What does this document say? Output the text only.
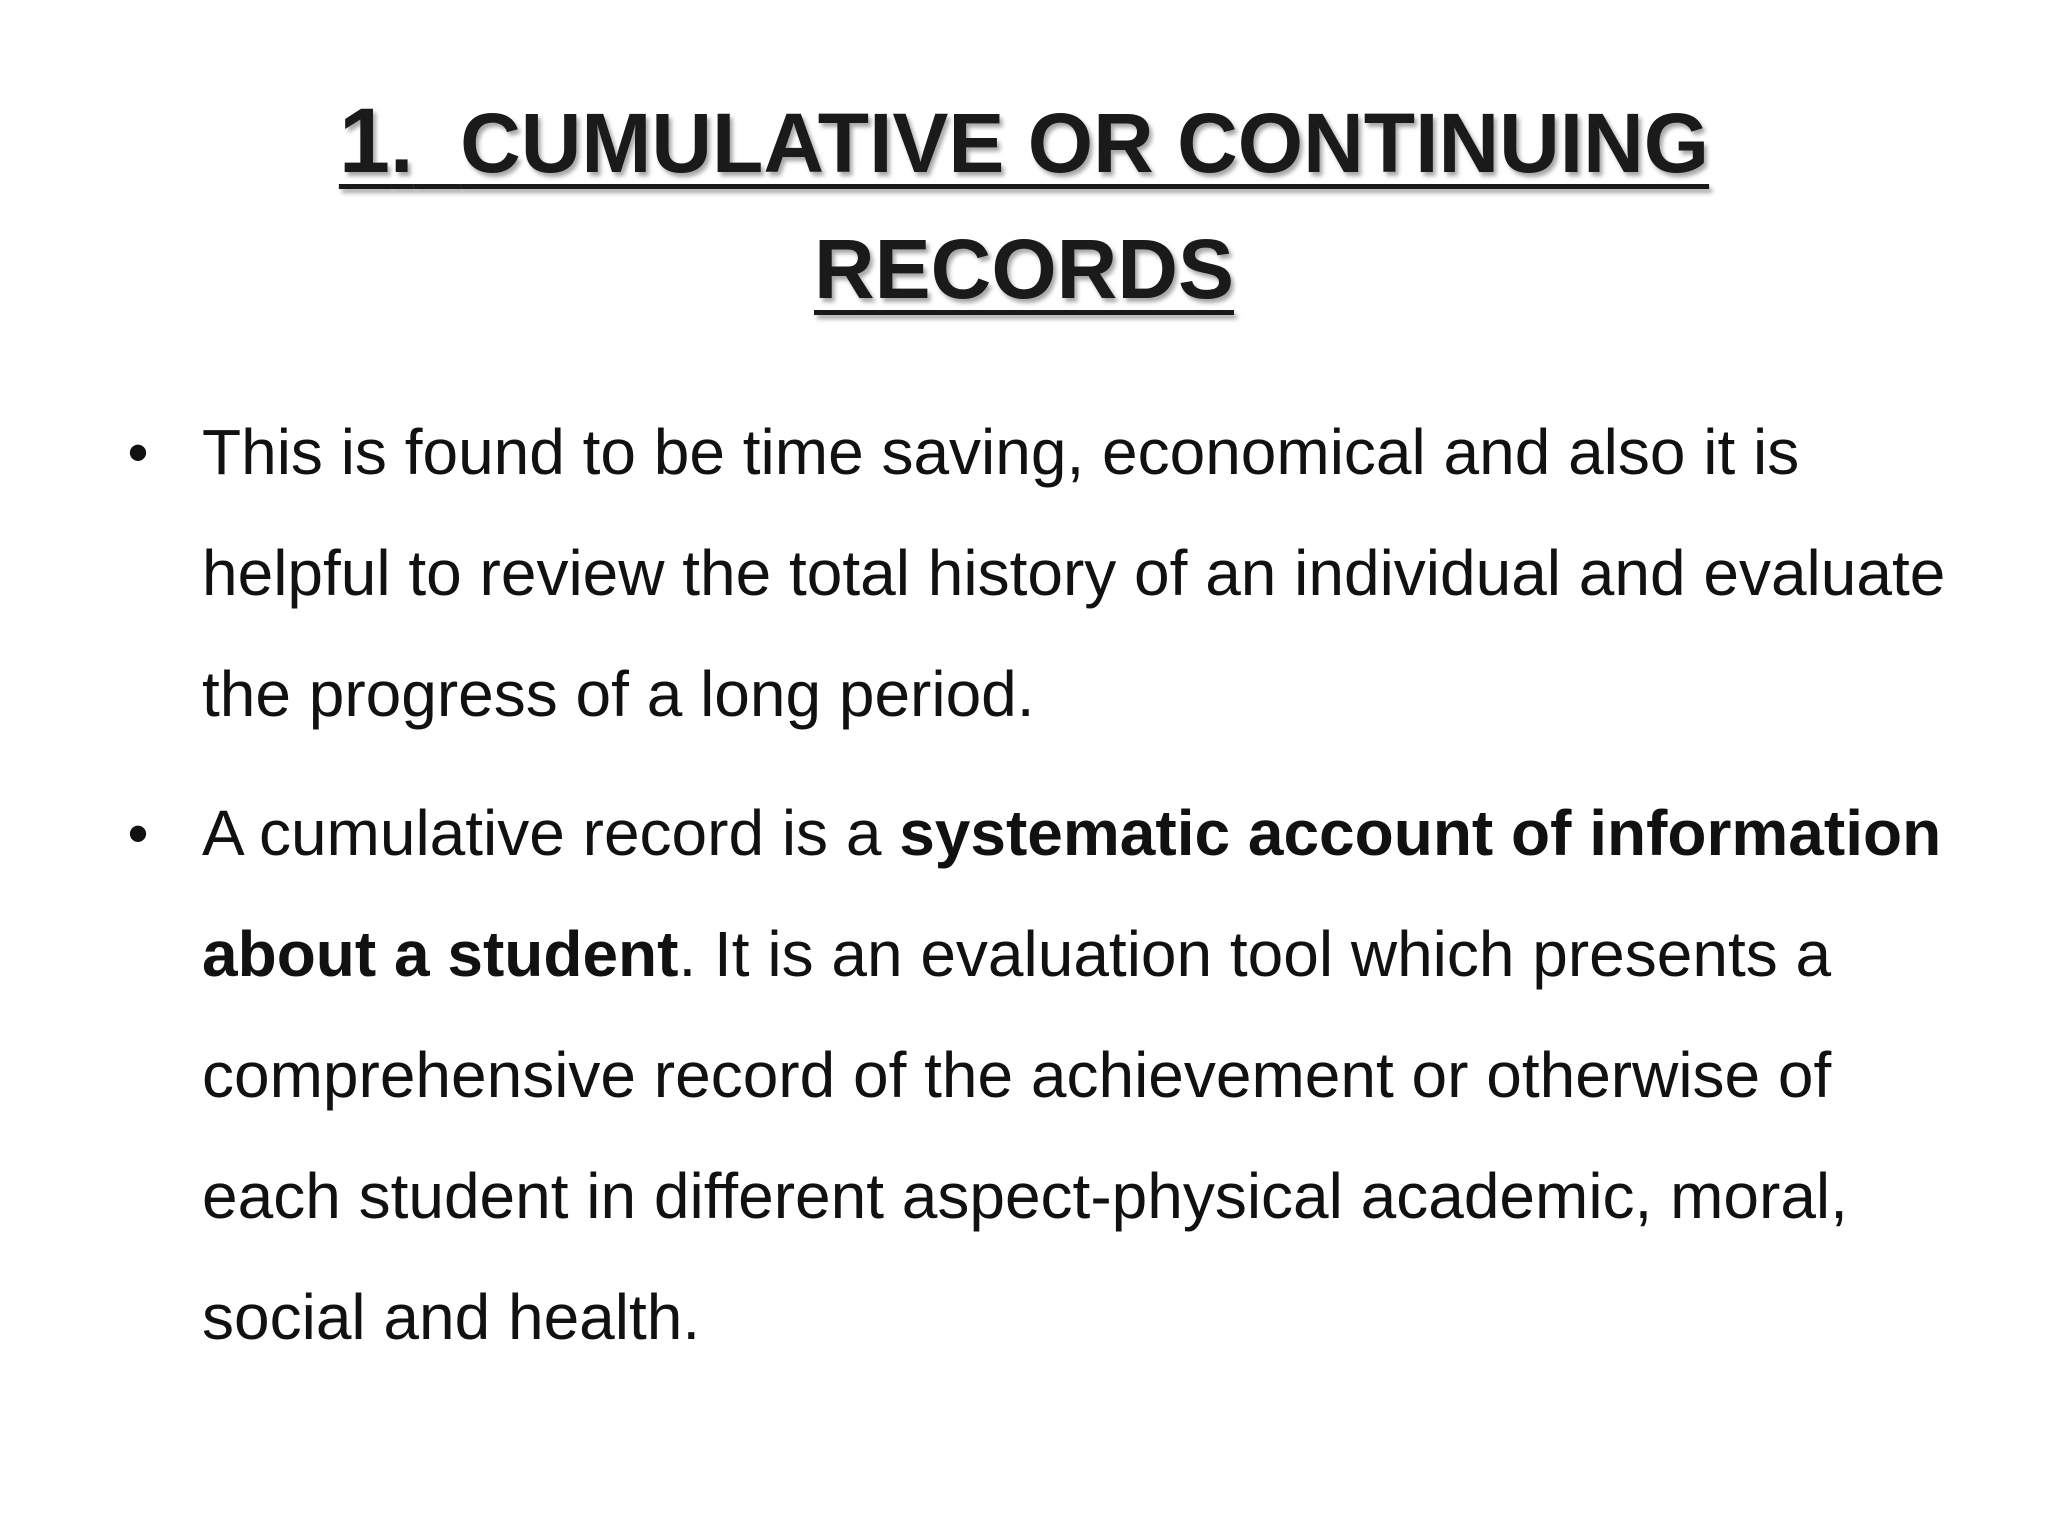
1. CUMULATIVE OR CONTINUING
RECORDS
• This is found to be time saving, economical and also it is helpful to review the total history of an individual and evaluate the progress of a long period.
• A cumulative record is a systematic account of information about a student. It is an evaluation tool which presents a comprehensive record of the achievement or otherwise of each student in different aspect-physical academic, moral, social and health.
